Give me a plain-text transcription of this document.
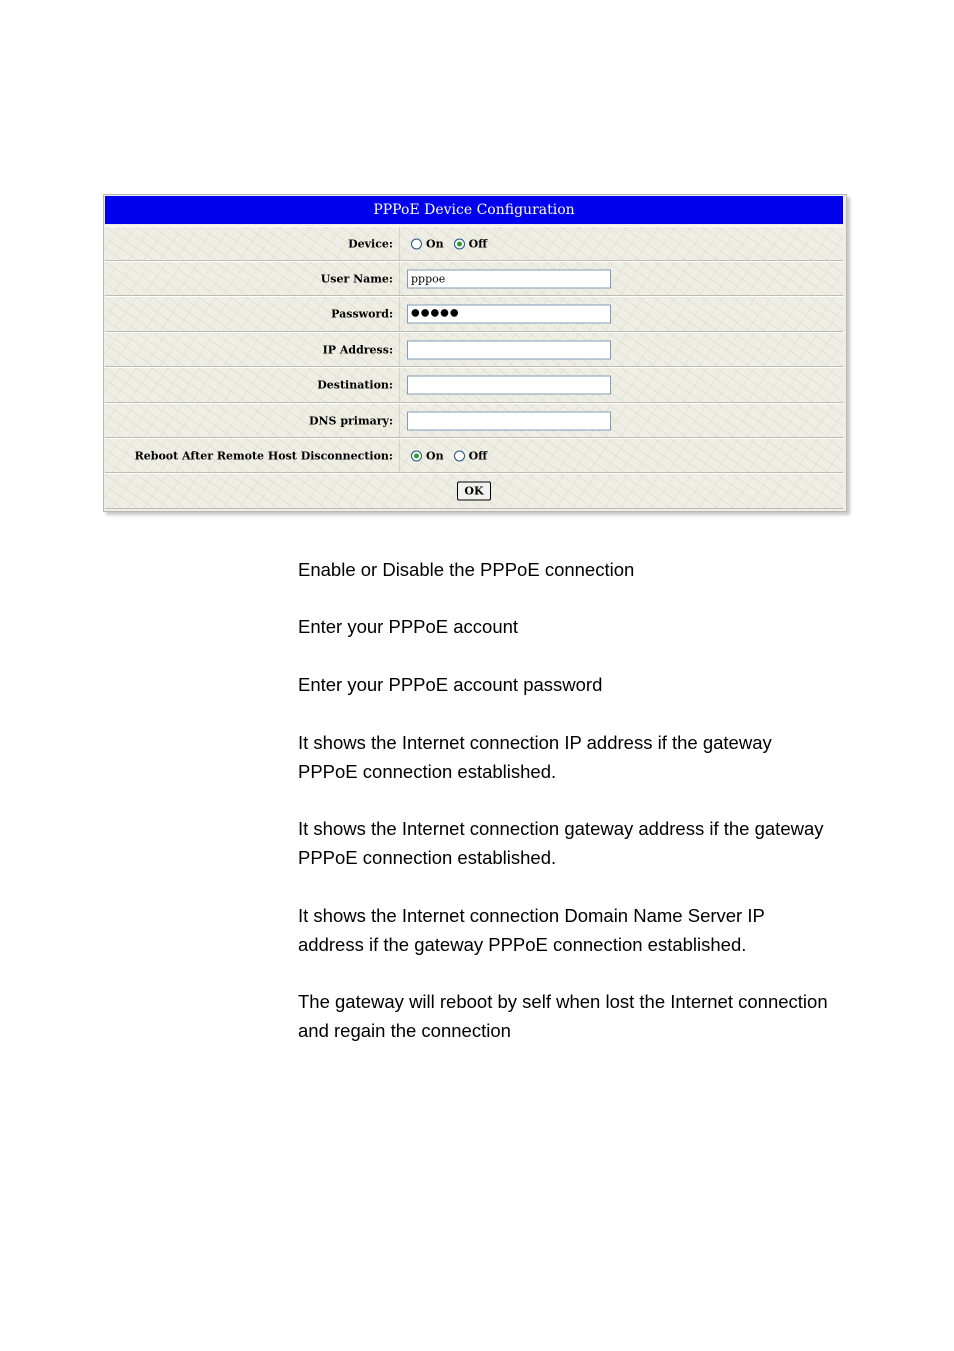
PPPoE Device Configuration
Device:	On Off
User Name:	pppoe
Password:	●●●●●
IP Address:
Destination:
DNS primary:
Reboot After Remote Host Disconnection:	On Off
OK
Enable or Disable the PPPoE connection
Enter your PPPoE account
Enter your PPPoE account password
It shows the Internet connection IP address if the gateway PPPoE connection established.
It shows the Internet connection gateway address if the gateway PPPoE connection established.
It shows the Internet connection Domain Name Server IP address if the gateway PPPoE connection established.
The gateway will reboot by self when lost the Internet connection and regain the connection
